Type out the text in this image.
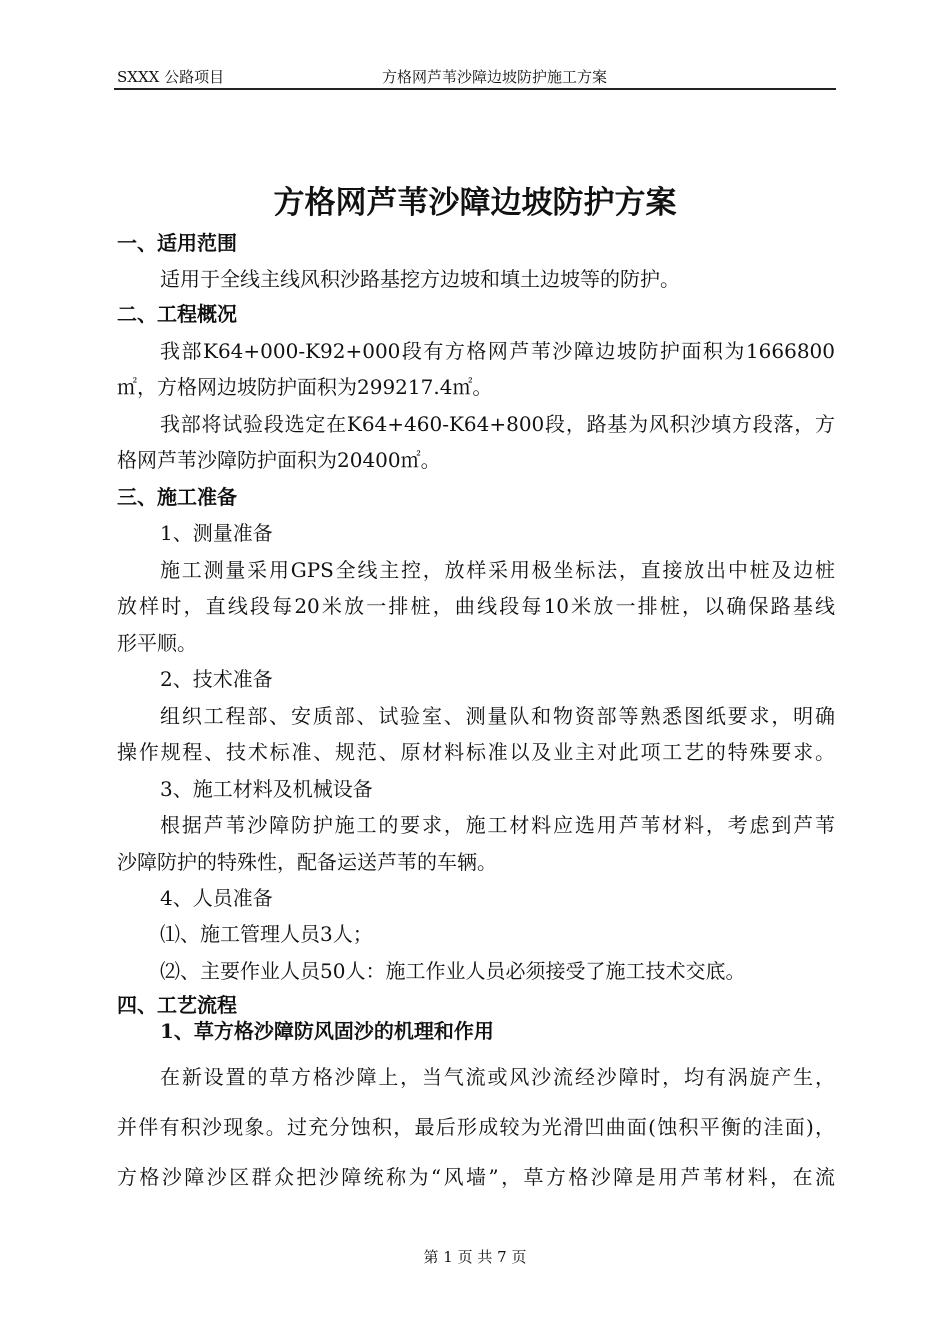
SXXX 公路项目	方格网芦苇沙障边坡防护施工方案
方格网芦苇沙障边坡防护方案
一、适用范围
适用于全线主线风积沙路基挖方边坡和填土边坡等的防护。
二、工程概况
我部K64+000-K92+000段有方格网芦苇沙障边坡防护面积为1666800
㎡，方格网边坡防护面积为299217.4㎡。
我部将试验段选定在K64+460-K64+800段，路基为风积沙填方段落，方
格网芦苇沙障防护面积为20400㎡。
三、施工准备
1、测量准备
施工测量采用GPS全线主控，放样采用极坐标法，直接放出中桩及边桩
放样时，直线段每20米放一排桩，曲线段每10米放一排桩，以确保路基线
形平顺。
2、技术准备
组织工程部、安质部、试验室、测量队和物资部等熟悉图纸要求，明确
操作规程、技术标准、规范、原材料标准以及业主对此项工艺的特殊要求。
3、施工材料及机械设备
根据芦苇沙障防护施工的要求，施工材料应选用芦苇材料，考虑到芦苇
沙障防护的特殊性，配备运送芦苇的车辆。
4、人员准备
⑴、施工管理人员3人；
⑵、主要作业人员50人：施工作业人员必须接受了施工技术交底。
四、工艺流程
1、草方格沙障防风固沙的机理和作用
在新设置的草方格沙障上，当气流或风沙流经沙障时，均有涡旋产生，
并伴有积沙现象。过充分蚀积，最后形成较为光滑凹曲面(蚀积平衡的洼面)，
方格沙障沙区群众把沙障统称为“风墙”，草方格沙障是用芦苇材料，在流
第 1 页 共 7 页
